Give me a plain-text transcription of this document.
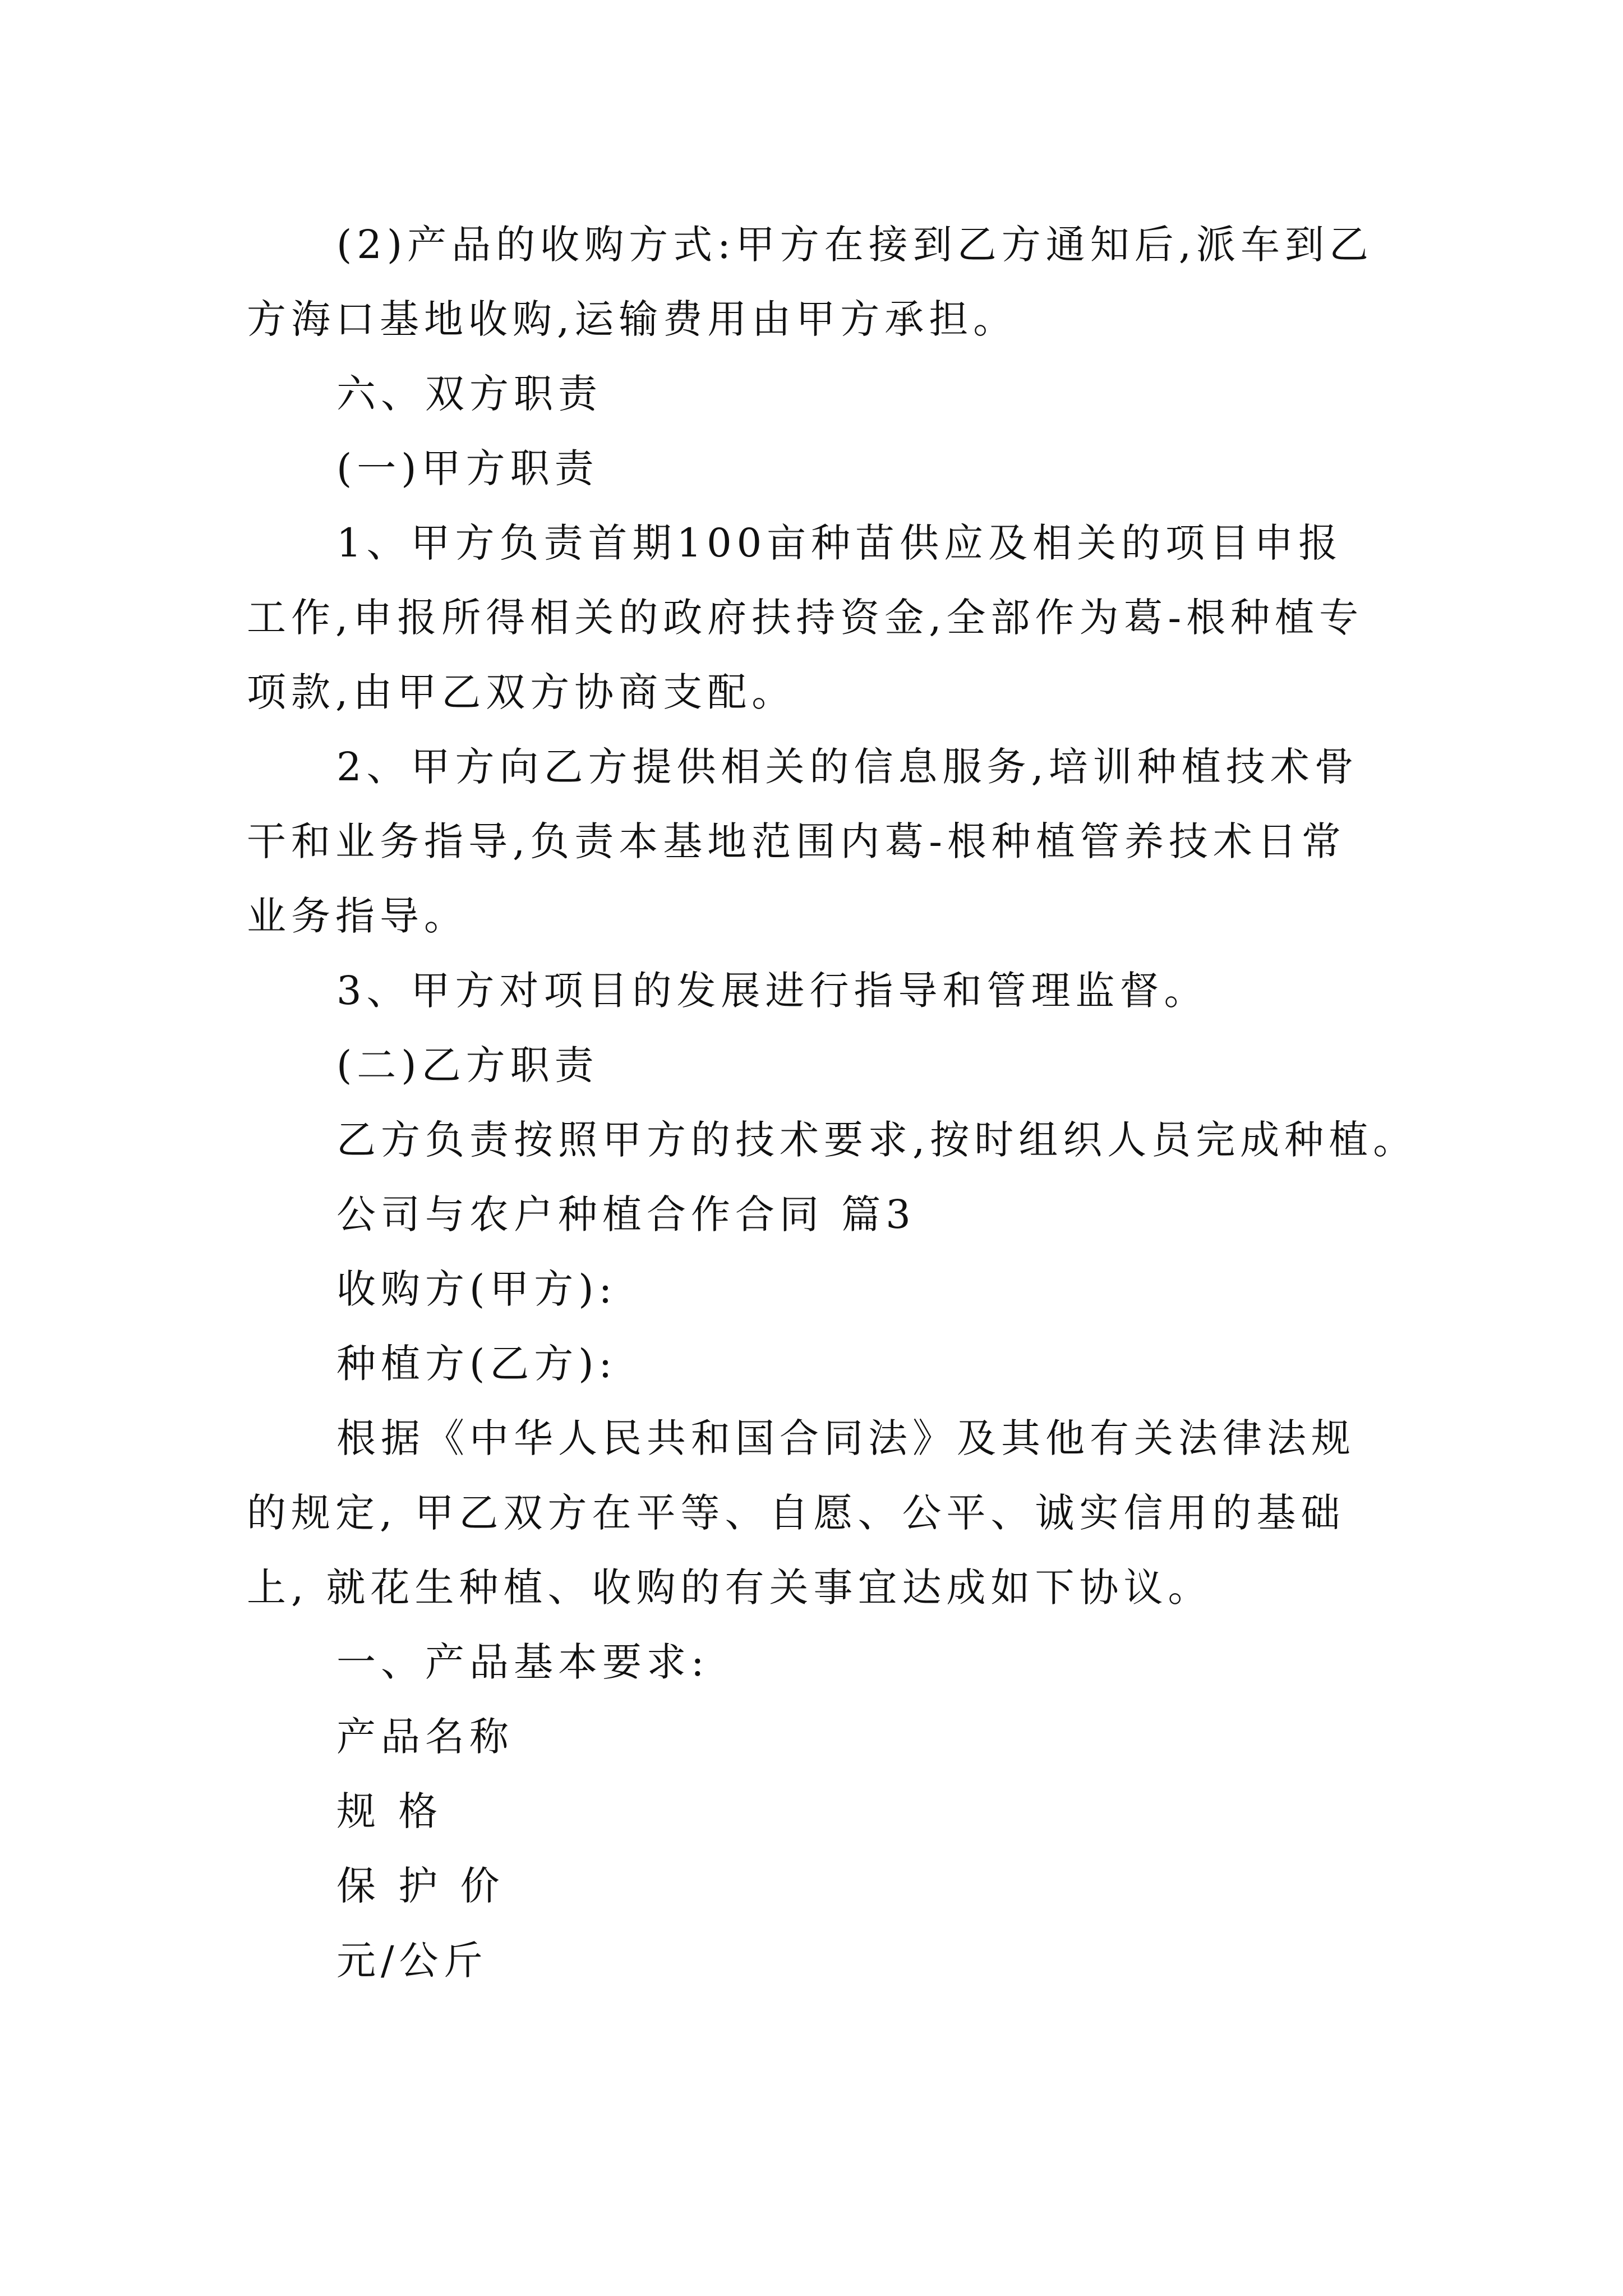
(2)产品的收购方式:甲方在接到乙方通知后,派车到乙方海口基地收购,运输费用由甲方承担。

六、双方职责

(一)甲方职责

1、甲方负责首期100亩种苗供应及相关的项目申报工作,申报所得相关的政府扶持资金,全部作为葛-根种植专项款,由甲乙双方协商支配。

2、甲方向乙方提供相关的信息服务,培训种植技术骨干和业务指导,负责本基地范围内葛-根种植管养技术日常业务指导。

3、甲方对项目的发展进行指导和管理监督。

(二)乙方职责

乙方负责按照甲方的技术要求,按时组织人员完成种植。

公司与农户种植合作合同 篇3

收购方(甲方):

种植方(乙方):

根据《中华人民共和国合同法》及其他有关法律法规的规定, 甲乙双方在平等、自愿、公平、诚实信用的基础上, 就花生种植、收购的有关事宜达成如下协议。

一、产品基本要求:

产品名称

规 格

保 护 价

元/公斤
